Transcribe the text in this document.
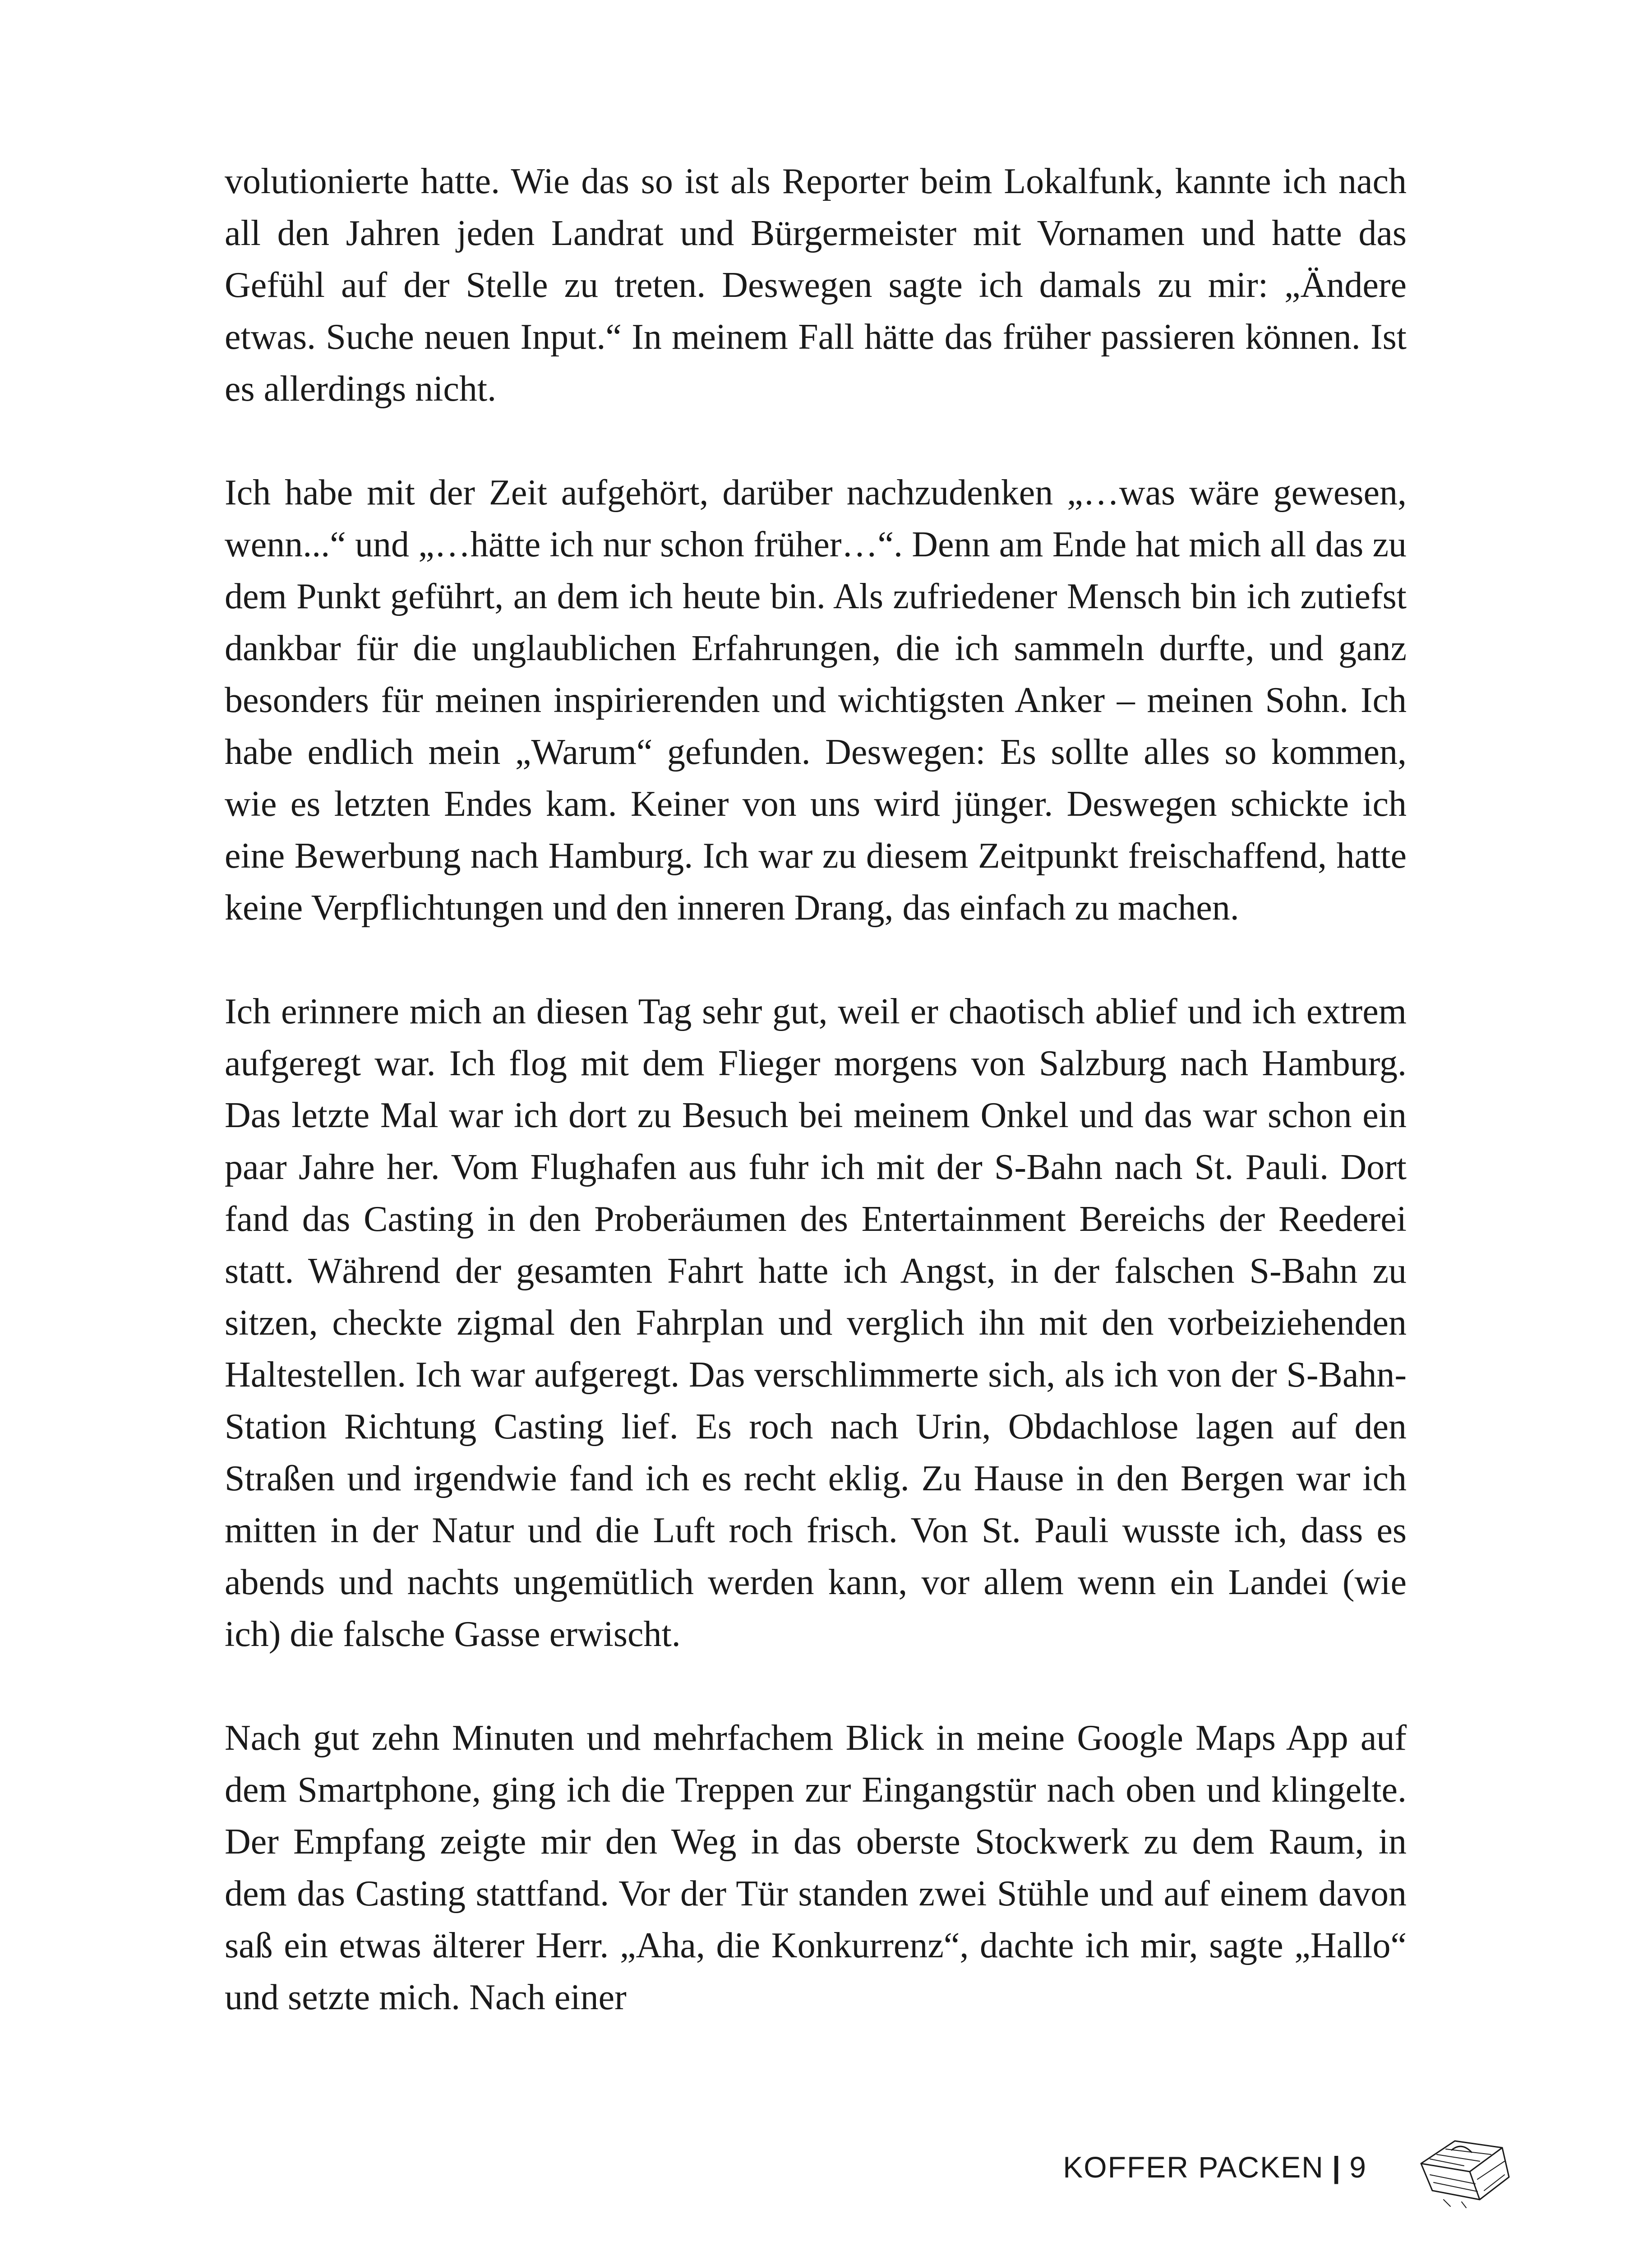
volutionierte hatte. Wie das so ist als Reporter beim Lokalfunk, kannte ich nach all den Jahren jeden Landrat und Bürgermeister mit Vornamen und hatte das Gefühl auf der Stelle zu treten. Deswegen sagte ich damals zu mir: „Ändere etwas. Suche neuen Input.“ In meinem Fall hätte das früher passieren können. Ist es allerdings nicht.

Ich habe mit der Zeit aufgehört, darüber nachzudenken „…was wäre gewesen, wenn...“ und „…hätte ich nur schon früher…“. Denn am Ende hat mich all das zu dem Punkt geführt, an dem ich heute bin. Als zufriedener Mensch bin ich zutiefst dankbar für die unglaublichen Erfahrungen, die ich sammeln durfte, und ganz besonders für meinen inspirierenden und wichtigsten Anker – meinen Sohn. Ich habe endlich mein „Warum“ gefunden. Deswegen: Es sollte alles so kommen, wie es letzten Endes kam. Keiner von uns wird jünger. Deswegen schickte ich eine Bewerbung nach Hamburg. Ich war zu diesem Zeitpunkt freischaffend, hatte keine Verpflichtungen und den inneren Drang, das einfach zu machen.

Ich erinnere mich an diesen Tag sehr gut, weil er chaotisch ablief und ich extrem aufgeregt war. Ich flog mit dem Flieger morgens von Salzburg nach Hamburg. Das letzte Mal war ich dort zu Besuch bei meinem Onkel und das war schon ein paar Jahre her. Vom Flughafen aus fuhr ich mit der S-Bahn nach St. Pauli. Dort fand das Casting in den Proberäumen des Entertainment Bereichs der Reederei statt. Während der gesamten Fahrt hatte ich Angst, in der falschen S-Bahn zu sitzen, checkte zigmal den Fahrplan und verglich ihn mit den vorbeiziehenden Haltestellen. Ich war aufgeregt. Das verschlimmerte sich, als ich von der S-Bahn-Station Richtung Casting lief. Es roch nach Urin, Obdachlose lagen auf den Straßen und irgendwie fand ich es recht eklig. Zu Hause in den Bergen war ich mitten in der Natur und die Luft roch frisch. Von St. Pauli wusste ich, dass es abends und nachts ungemütlich werden kann, vor allem wenn ein Landei (wie ich) die falsche Gasse erwischt.

Nach gut zehn Minuten und mehrfachem Blick in meine Google Maps App auf dem Smartphone, ging ich die Treppen zur Eingangstür nach oben und klingelte. Der Empfang zeigte mir den Weg in das oberste Stockwerk zu dem Raum, in dem das Casting stattfand. Vor der Tür standen zwei Stühle und auf einem davon saß ein etwas älterer Herr. „Aha, die Konkurrenz“, dachte ich mir, sagte „Hallo“ und setzte mich. Nach einer

KOFFER PACKEN | 9
